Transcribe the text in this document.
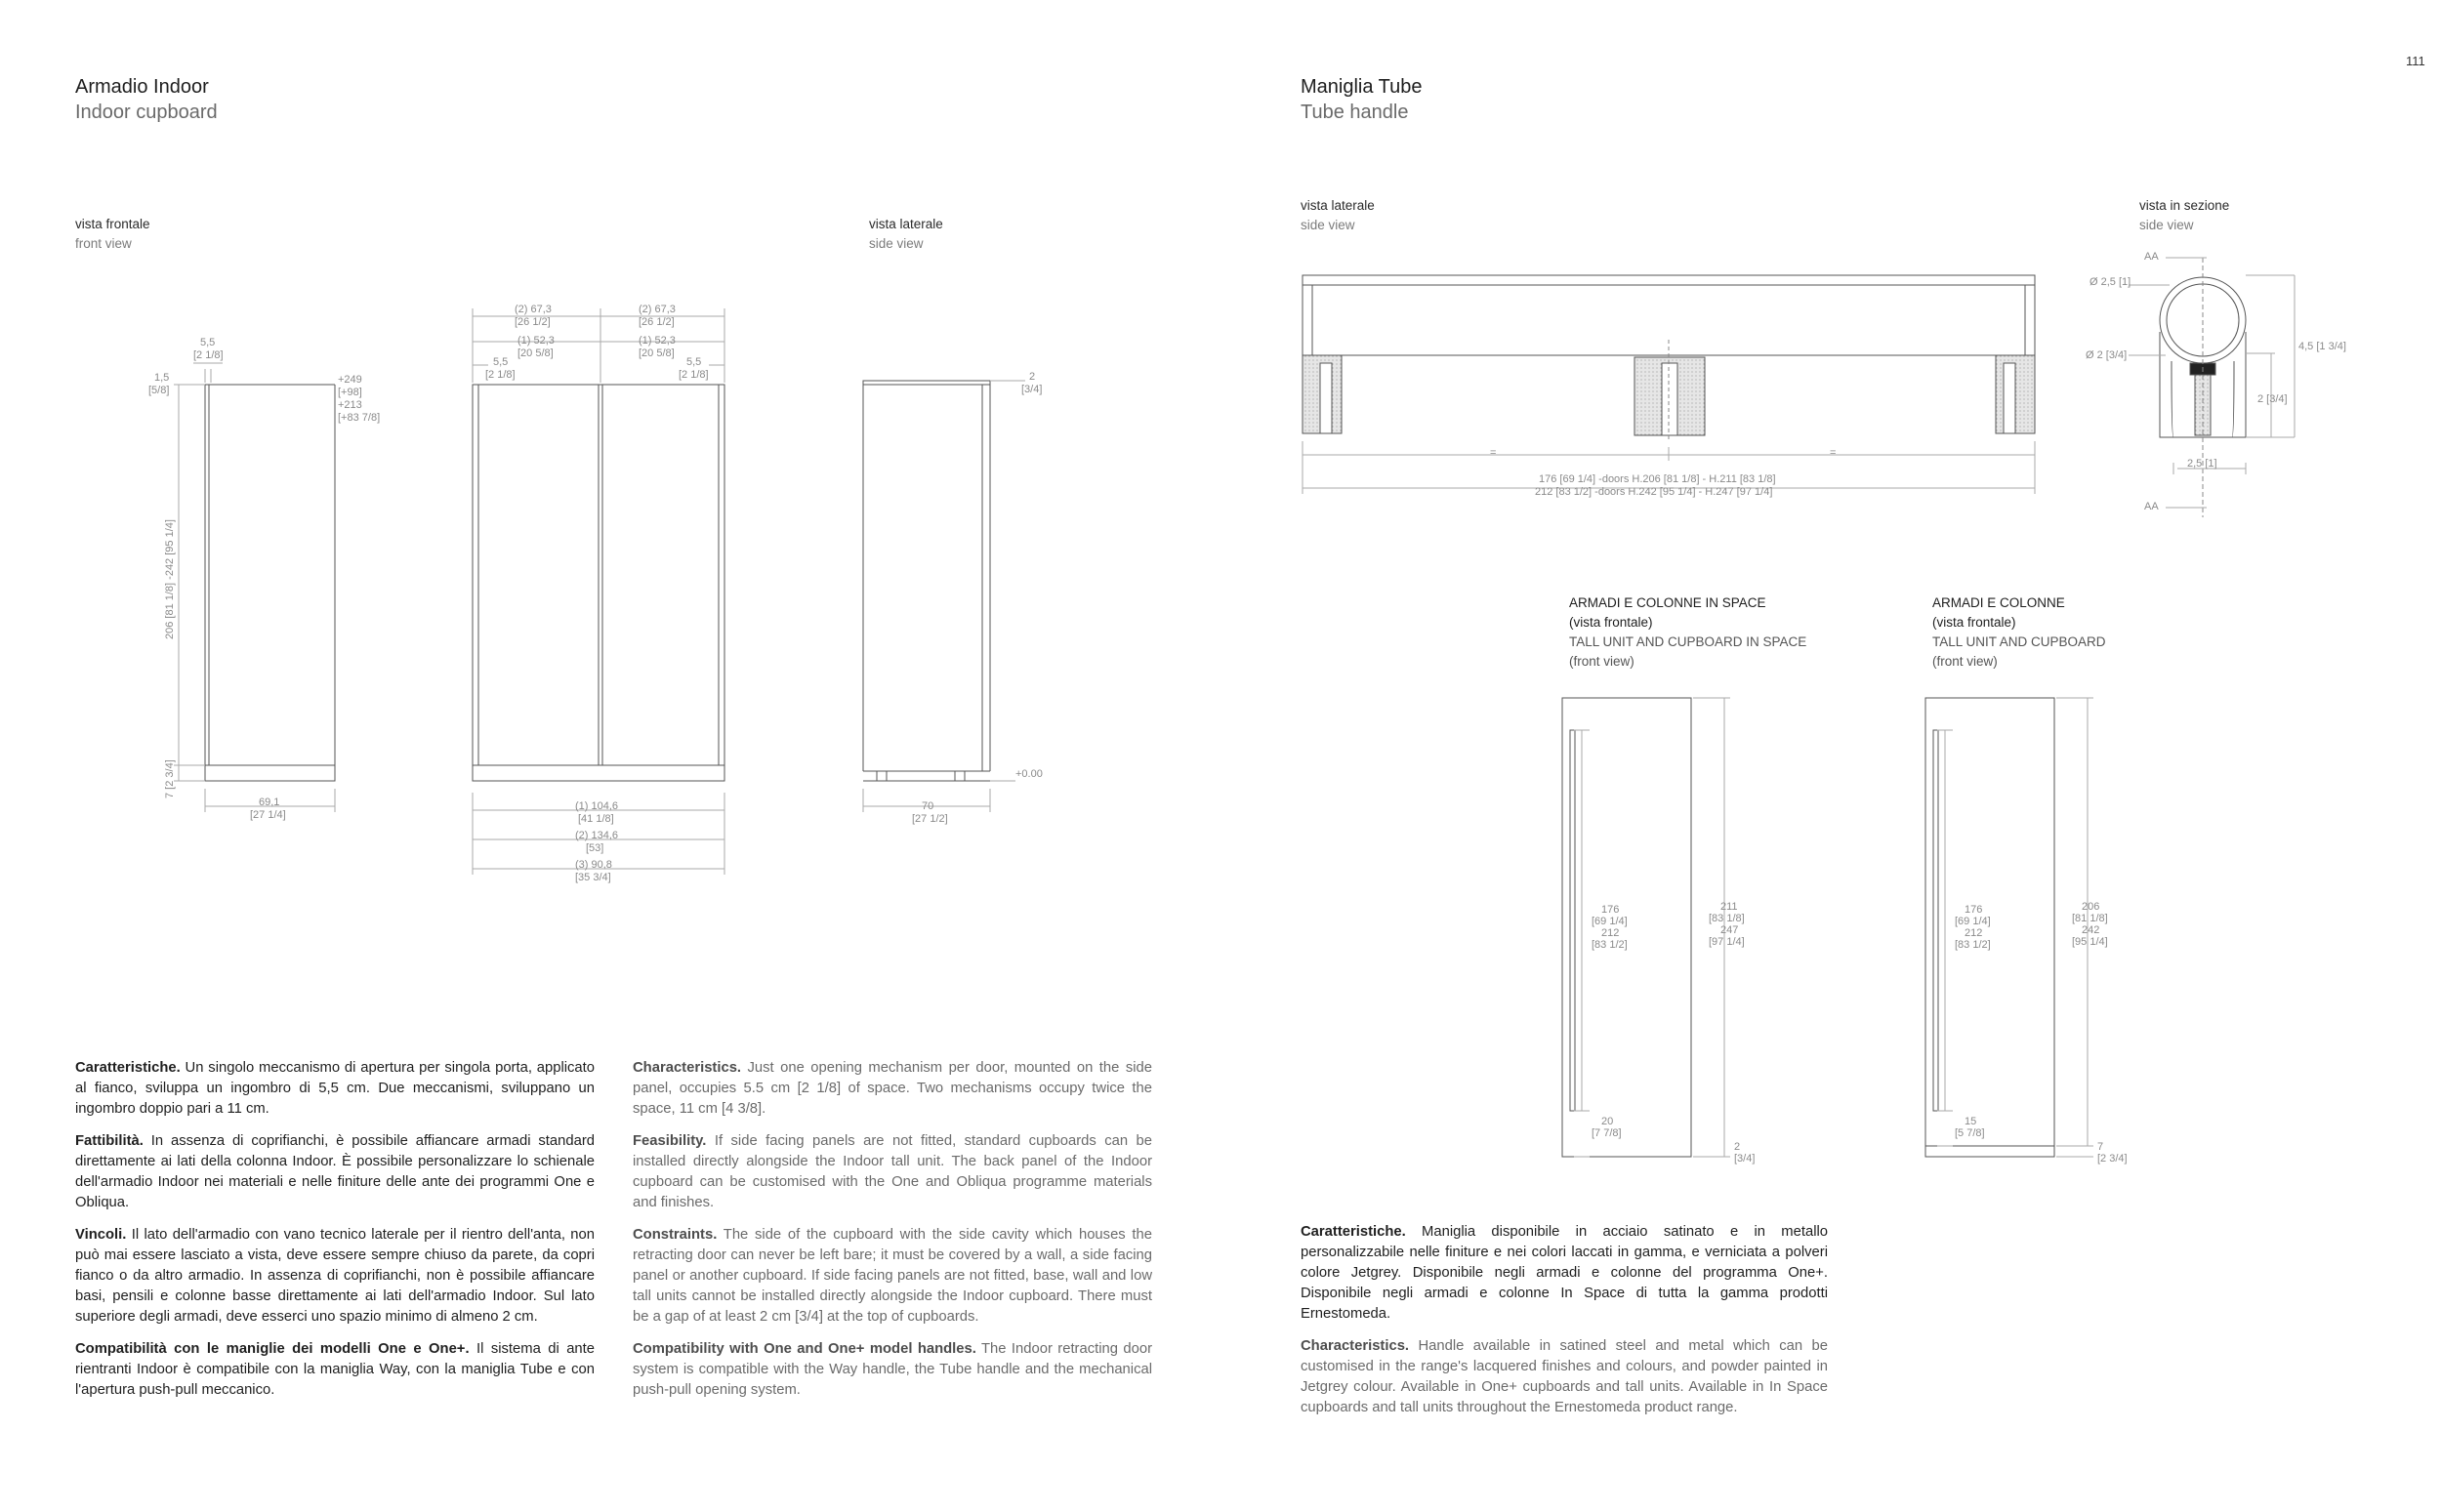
111
Armadio Indoor
Indoor cupboard
vista frontale
front view
vista laterale
side view
5,5
[2 1/8]
1,5
[5/8]
+249
[+98]
+213
[+83 7/8]
206 [81 1/8] -242 [95 1/4]
7 [2 3/4]
69,1
[27 1/4]
(2) 67,3
[26 1/2]
(2) 67,3
[26 1/2]
(1) 52,3
[20 5/8]
(1) 52,3
[20 5/8]
5,5
[2 1/8]
5,5
[2 1/8]
(1) 104,6
[41 1/8]
(2) 134,6
[53]
(3) 90,8
[35 3/4]
2
[3/4]
+0.00
70
[27 1/2]

Caratteristiche. Un singolo meccanismo di apertura per singola porta, applicato al fianco, sviluppa un ingombro di 5,5 cm. Due meccanismi, sviluppano un ingombro doppio pari a 11 cm.

Fattibilità. In assenza di coprifianchi, è possibile affiancare armadi standard direttamente ai lati della colonna Indoor. È possibile personalizzare lo schienale dell'armadio Indoor nei materiali e nelle finiture delle ante dei programmi One e Obliqua.

Vincoli. Il lato dell'armadio con vano tecnico laterale per il rientro dell'anta, non può mai essere lasciato a vista, deve essere sempre chiuso da parete, da copri fianco o da altro armadio. In assenza di coprifianchi, non è possibile affiancare basi, pensili e colonne basse direttamente ai lati dell'armadio Indoor. Sul lato superiore degli armadi, deve esserci uno spazio minimo di almeno 2 cm.

Compatibilità con le maniglie dei modelli One e One+. Il sistema di ante rientranti Indoor è compatibile con la maniglia Way, con la maniglia Tube e con l'apertura push-pull meccanico.

Characteristics. Just one opening mechanism per door, mounted on the side panel, occupies 5.5 cm [2 1/8] of space. Two mechanisms occupy twice the space, 11 cm [4 3/8].

Feasibility. If side facing panels are not fitted, standard cupboards can be installed directly alongside the Indoor tall unit. The back panel of the Indoor cupboard can be customised with the One and Obliqua programme materials and finishes.

Constraints. The side of the cupboard with the side cavity which houses the retracting door can never be left bare; it must be covered by a wall, a side facing panel or another cupboard. If side facing panels are not fitted, base, wall and low tall units cannot be installed directly alongside the Indoor cupboard. There must be a gap of at least 2 cm [3/4] at the top of cupboards.

Compatibility with One and One+ model handles. The Indoor retracting door system is compatible with the Way handle, the Tube handle and the mechanical push-pull opening system.

Maniglia Tube
Tube handle
vista laterale
side view
vista in sezione
side view
=	=
176 [69 1/4] -doors H.206 [81 1/8] - H.211 [83 1/8]
212 [83 1/2] -doors H.242 [95 1/4] - H.247 [97 1/4]
AA
AA
Ø 2,5 [1]
Ø 2 [3/4]
4,5 [1 3/4]
2 [3/4]
2,5 [1]
176
[69 1/4]
212
[83 1/2]
211
[83 1/8]
247
[97 1/4]
20
[7 7/8]
2
[3/4]
176
[69 1/4]
212
[83 1/2]
206
[81 1/8]
242
[95 1/4]
15
[5 7/8]
7
[2 3/4]
ARMADI E COLONNE IN SPACE
(vista frontale)
TALL UNIT AND CUPBOARD IN SPACE
(front view)
ARMADI E COLONNE
(vista frontale)
TALL UNIT AND CUPBOARD
(front view)

Caratteristiche. Maniglia disponibile in acciaio satinato e in metallo personalizzabile nelle finiture e nei colori laccati in gamma, e verniciata a polveri colore Jetgrey. Disponibile negli armadi e colonne del programma One+. Disponibile negli armadi e colonne In Space di tutta la gamma prodotti Ernestomeda.

Characteristics. Handle available in satined steel and metal which can be customised in the range's lacquered finishes and colours, and powder painted in Jetgrey colour. Available in One+ cupboards and tall units. Available in In Space cupboards and tall units throughout the Ernestomeda product range.
